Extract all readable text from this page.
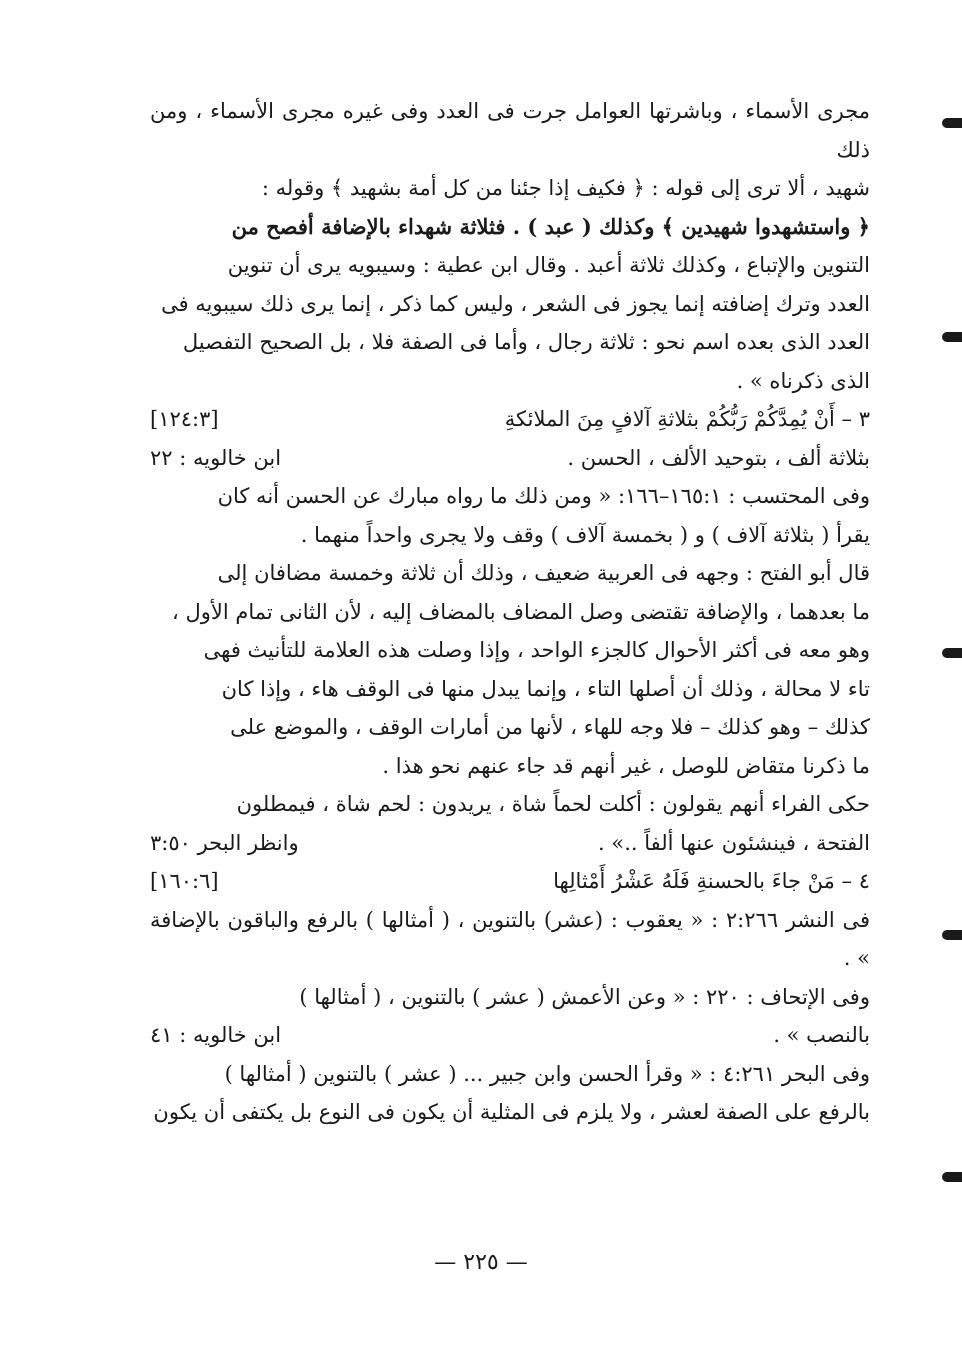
مجرى الأسماء ، وباشرتها العوامل جرت فى العدد وفى غيره مجرى الأسماء ، ومن ذلك

شهيد ، ألا ترى إلى قوله : ﴿ فكيف إذا جئنا من كل أمة بشهيد ﴾ وقوله :

﴿ واستشهدوا شهيدين ﴾ وكذلك ( عبد ) . فثلاثة شهداء بالإضافة أفصح من

التنوين والإتباع ، وكذلك ثلاثة أعبد . وقال ابن عطية : وسيبويه يرى أن تنوين

العدد وترك إضافته إنما يجوز فى الشعر ، وليس كما ذكر ، إنما يرى ذلك سيبويه فى

العدد الذى بعده اسم نحو : ثلاثة رجال ، وأما فى الصفة فلا ، بل الصحيح التفصيل

الذى ذكرناه » .

٣ – أَنْ يُمِدَّكُمْ رَبُّكُمْ بثلاثةِ آلافٍ مِنَ الملائكةِ
[١٢٤:٣]
بثلاثة ألف ، بتوحيد الألف ، الحسن .
ابن خالويه : ٢٢

وفى المحتسب : ١٦٥:١–١٦٦: « ومن ذلك ما رواه مبارك عن الحسن أنه كان

يقرأ ( بثلاثة آلاف ) و ( بخمسة آلاف ) وقف ولا يجرى واحداً منهما .

قال أبو الفتح : وجهه فى العربية ضعيف ، وذلك أن ثلاثة وخمسة مضافان إلى

ما بعدهما ، والإضافة تقتضى وصل المضاف بالمضاف إليه ، لأن الثانى تمام الأول ،

وهو معه فى أكثر الأحوال كالجزء الواحد ، وإذا وصلت هذه العلامة للتأنيث فهى

تاء لا محالة ، وذلك أن أصلها التاء ، وإنما يبدل منها فى الوقف هاء ، وإذا كان

كذلك – وهو كذلك – فلا وجه للهاء ، لأنها من أمارات الوقف ، والموضع على

ما ذكرنا متقاض للوصل ، غير أنهم قد جاء عنهم نحو هذا .

حكى الفراء أنهم يقولون : أكلت لحماً شاة ، يريدون : لحم شاة ، فيمطلون

الفتحة ، فينشئون عنها ألفاً ..» .
وانظر البحر ٣:٥٠
٤ – مَنْ جاءَ بالحسنةِ فَلَهُ عَشْرُ أَمْثالِها
[١٦٠:٦]

فى النشر ٢:٢٦٦ : « يعقوب : (عشر) بالتنوين ، ( أمثالها ) بالرفع والباقون بالإضافة » .

وفى الإتحاف : ٢٢٠ : « وعن الأعمش ( عشر ) بالتنوين ، ( أمثالها )

بالنصب » .
ابن خالويه : ٤١

وفى البحر ٤:٢٦١ : « وقرأ الحسن وابن جبير ... ( عشر ) بالتنوين ( أمثالها )

بالرفع على الصفة لعشر ، ولا يلزم فى المثلية أن يكون فى النوع بل يكتفى أن يكون

— ٢٢٥ —
